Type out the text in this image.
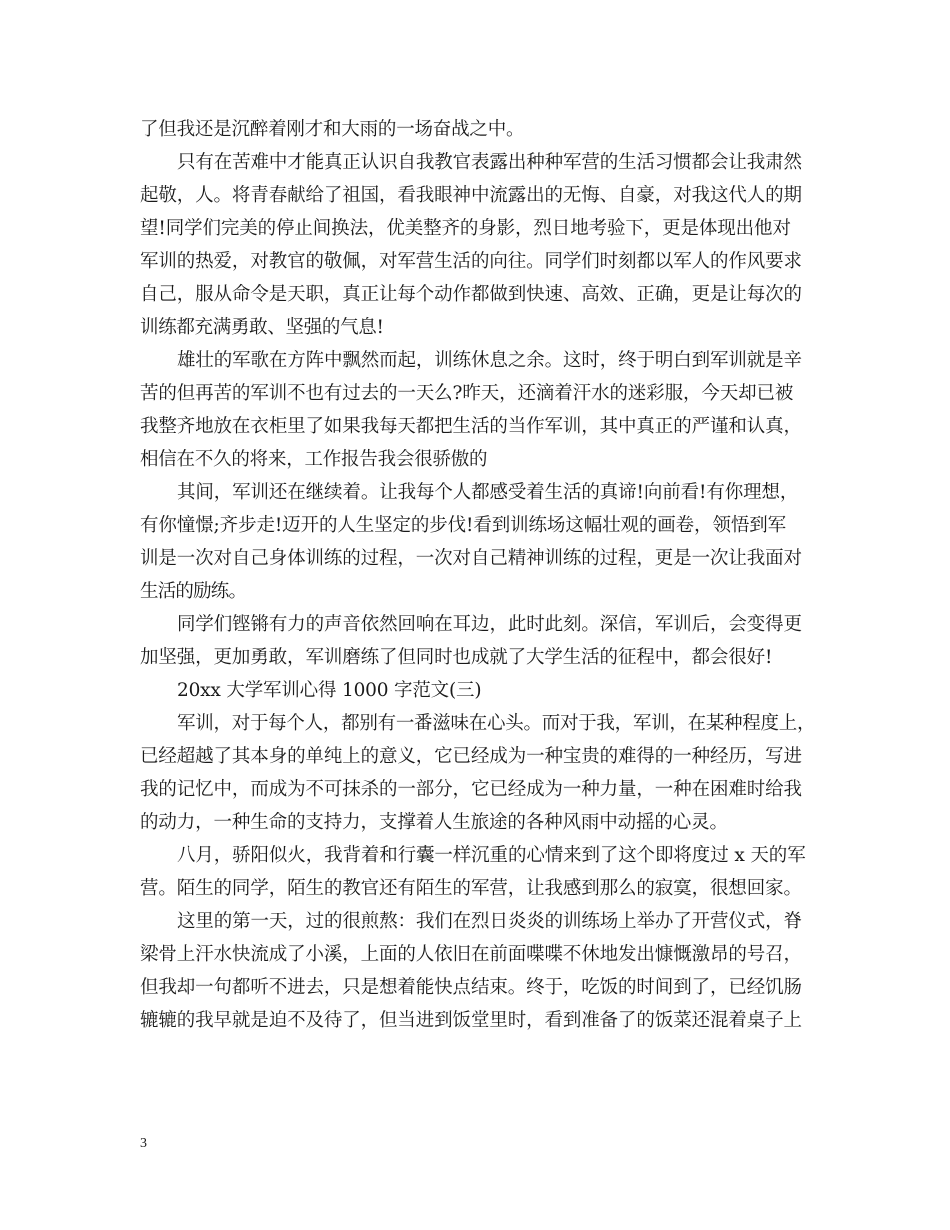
了但我还是沉醉着刚才和大雨的一场奋战之中。
只有在苦难中才能真正认识自我教官表露出种种军营的生活习惯都会让我肃然
起敬，人。将青春献给了祖国，看我眼神中流露出的无悔、自豪，对我这代人的期
望!同学们完美的停止间换法，优美整齐的身影，烈日地考验下，更是体现出他对
军训的热爱，对教官的敬佩，对军营生活的向往。同学们时刻都以军人的作风要求
自己，服从命令是天职，真正让每个动作都做到快速、高效、正确，更是让每次的
训练都充满勇敢、坚强的气息!
雄壮的军歌在方阵中飘然而起，训练休息之余。这时，终于明白到军训就是辛
苦的但再苦的军训不也有过去的一天么?昨天，还滴着汗水的迷彩服，今天却已被
我整齐地放在衣柜里了如果我每天都把生活的当作军训，其中真正的严谨和认真，
相信在不久的将来，工作报告我会很骄傲的
其间，军训还在继续着。让我每个人都感受着生活的真谛!向前看!有你理想，
有你憧憬;齐步走!迈开的人生坚定的步伐!看到训练场这幅壮观的画卷，领悟到军
训是一次对自己身体训练的过程，一次对自己精神训练的过程，更是一次让我面对
生活的励练。
同学们铿锵有力的声音依然回响在耳边，此时此刻。深信，军训后，会变得更
加坚强，更加勇敢，军训磨练了但同时也成就了大学生活的征程中，都会很好!
20xx 大学军训心得 1000 字范文(三)
军训，对于每个人，都别有一番滋味在心头。而对于我，军训，在某种程度上，
已经超越了其本身的单纯上的意义，它已经成为一种宝贵的难得的一种经历，写进
我的记忆中，而成为不可抹杀的一部分，它已经成为一种力量，一种在困难时给我
的动力，一种生命的支持力，支撑着人生旅途的各种风雨中动摇的心灵。
八月，骄阳似火，我背着和行囊一样沉重的心情来到了这个即将度过 x 天的军
营。陌生的同学，陌生的教官还有陌生的军营，让我感到那么的寂寞，很想回家。
这里的第一天，过的很煎熬：我们在烈日炎炎的训练场上举办了开营仪式，脊
梁骨上汗水快流成了小溪，上面的人依旧在前面喋喋不休地发出慷慨激昂的号召，
但我却一句都听不进去，只是想着能快点结束。终于，吃饭的时间到了，已经饥肠
辘辘的我早就是迫不及待了，但当进到饭堂里时，看到准备了的饭菜还混着桌子上
3
